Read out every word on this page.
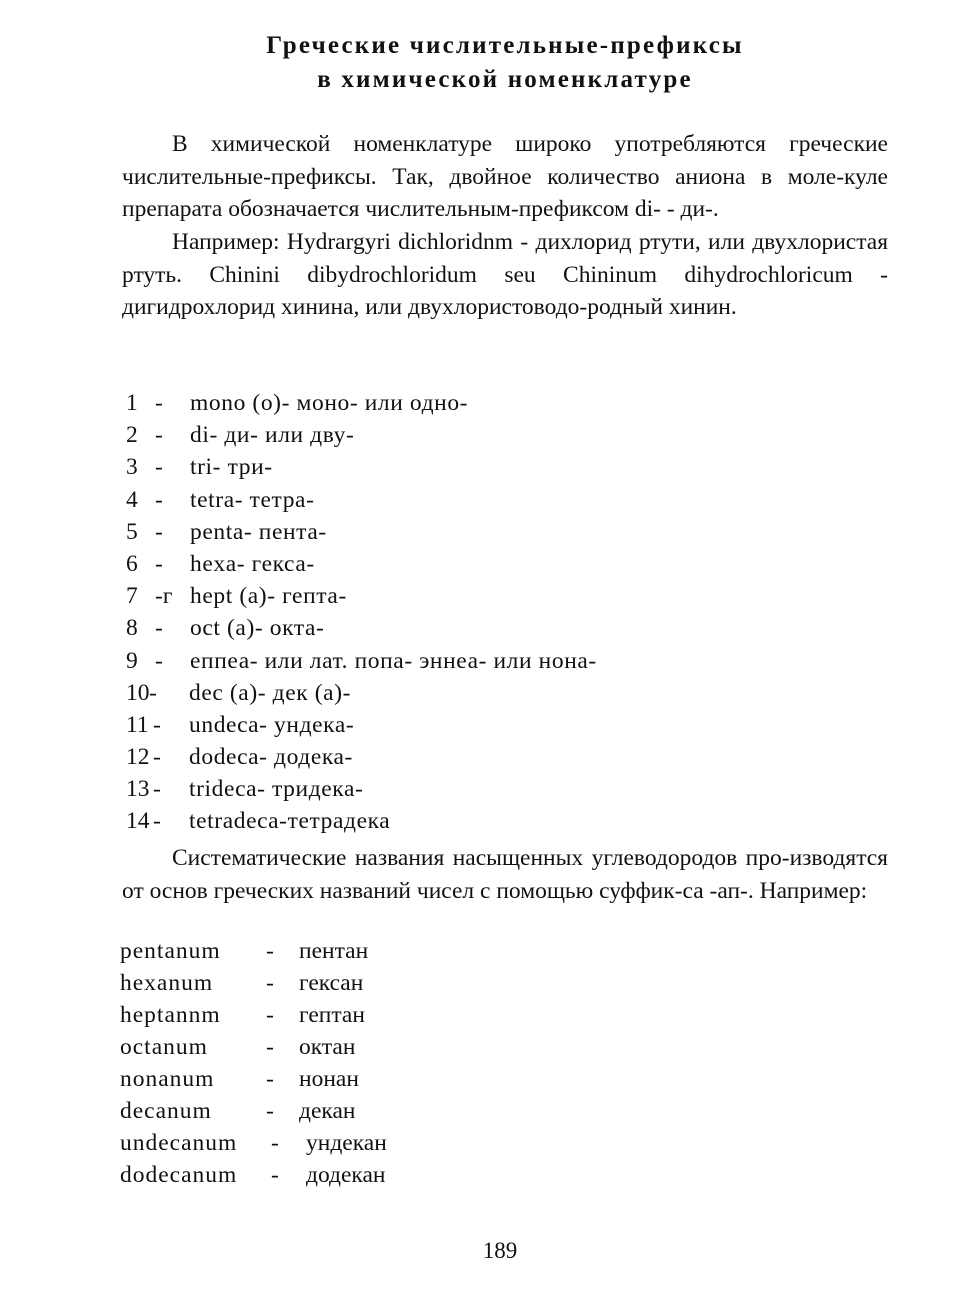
Греческие числительные-префиксы
в химической номенклатуре
В химической номенклатуре широко употребляются греческие числительные-префиксы. Так, двойное количество аниона в моле-куле препарата обозначается числительным-префиксом di- - ди-.
Например: Hydrargyri dichloridnm - дихлорид ртути, или двухлористая ртуть. Chinini dibydrochloridum seu Chininum dihydrochloricum - дигидрохлорид хинина, или двухлористоводо-родный хинин.
1 - mono (o)- моно- или одно-
2 - di- ди- или дву-
3 - tri- три-
4 - tetra- тетра-
5 - penta- пента-
6 - hexa- гекса-
7 -г hept (a)- гепта-
8 - oct (a)- окта-
9 - еппеа- или лат. попа- эннеа- или нона-
10 - dec (a)- дек (a)-
11 - undeca- ундека-
12 - dodeca- додека-
13 - trideca- тридека-
14 - tetradeca-тетрадека
Систематические названия насыщенных углеводородов про-изводятся от основ греческих названий чисел с помощью суффик-са -ап-. Например:
pentanum - пентан
hexanum - гексан
heptannm - гептан
octanum - октан
nonanum - нонан
decanum - декан
undecanum - ундекан
dodecanum - додекан
189
